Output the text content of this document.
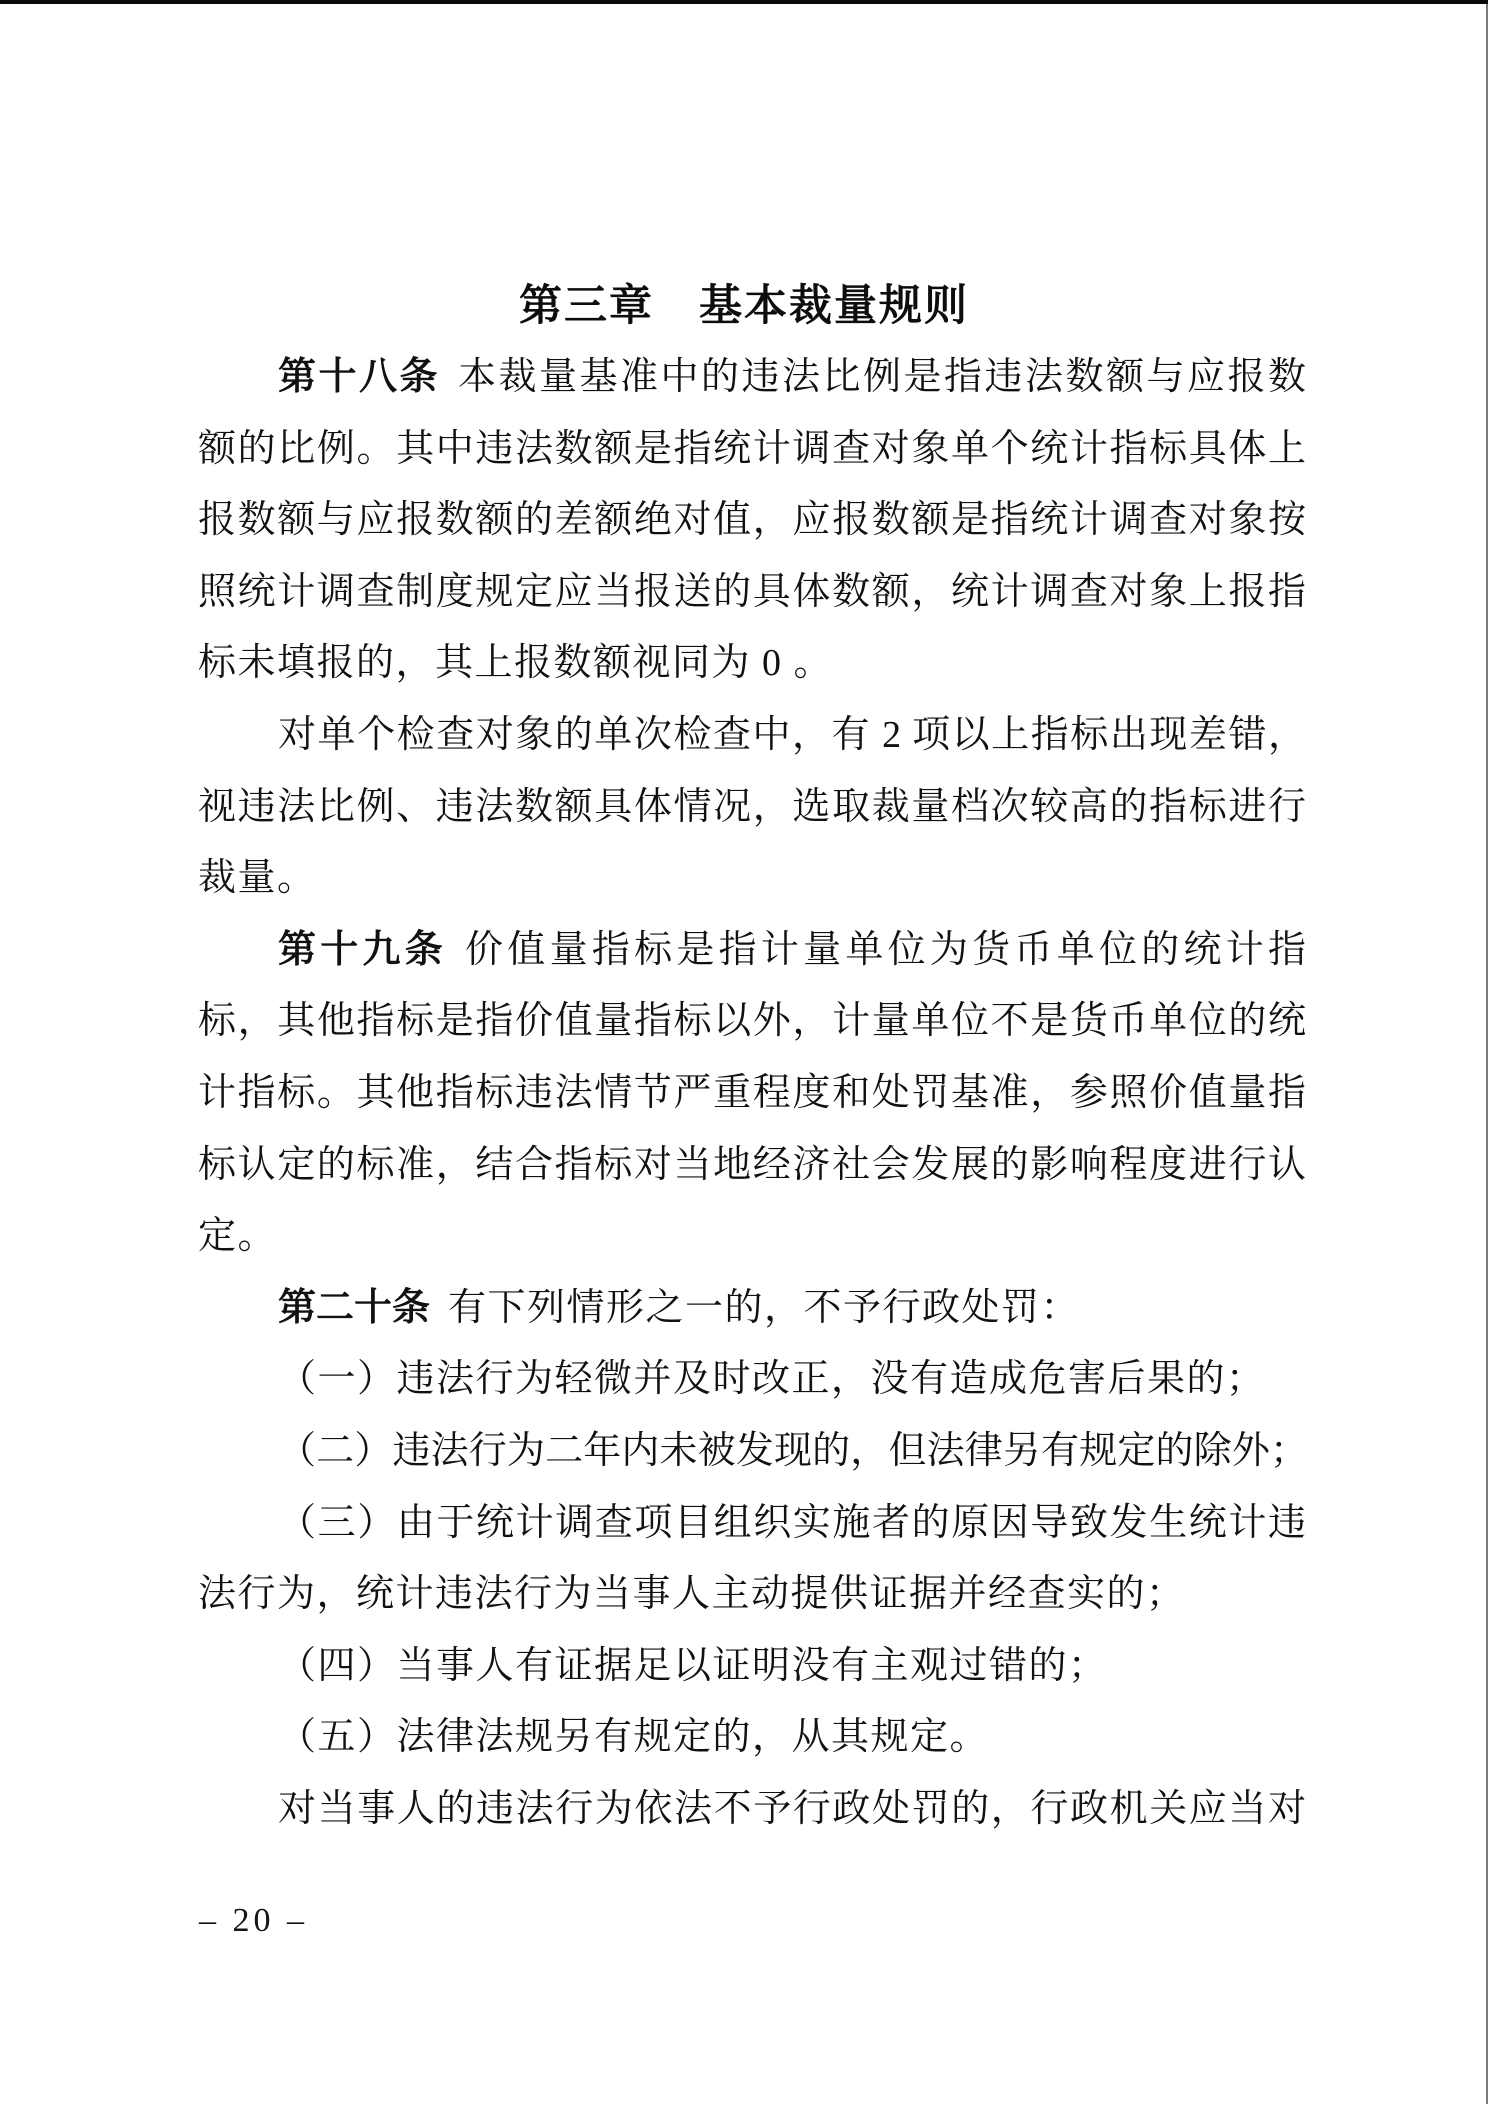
第三章　基本裁量规则
第十八条 本裁量基准中的违法比例是指违法数额与应报数
额的比例。其中违法数额是指统计调查对象单个统计指标具体上
报数额与应报数额的差额绝对值，应报数额是指统计调查对象按
照统计调查制度规定应当报送的具体数额，统计调查对象上报指
标未填报的，其上报数额视同为 0 。
对单个检查对象的单次检查中，有 2 项以上指标出现差错，
视违法比例、违法数额具体情况，选取裁量档次较高的指标进行
裁量。
第十九条 价值量指标是指计量单位为货币单位的统计指
标，其他指标是指价值量指标以外，计量单位不是货币单位的统
计指标。其他指标违法情节严重程度和处罚基准，参照价值量指
标认定的标准，结合指标对当地经济社会发展的影响程度进行认
定。
第二十条 有下列情形之一的，不予行政处罚：
（一）违法行为轻微并及时改正，没有造成危害后果的；
（二）违法行为二年内未被发现的，但法律另有规定的除外；
（三）由于统计调查项目组织实施者的原因导致发生统计违
法行为，统计违法行为当事人主动提供证据并经查实的；
（四）当事人有证据足以证明没有主观过错的；
（五）法律法规另有规定的，从其规定。
对当事人的违法行为依法不予行政处罚的，行政机关应当对
– 20 –
